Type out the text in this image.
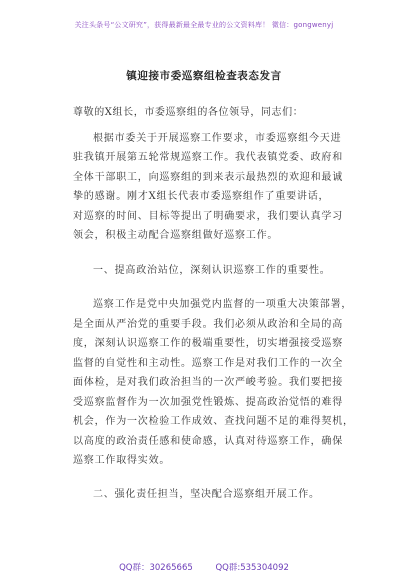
关注头条号“公文研究”，获得最新最全最专业的公文资料库！ 微信：gongwenyj
镇迎接市委巡察组检查表态发言
尊敬的X组长，市委巡察组的各位领导，同志们：
根据市委关于开展巡察工作要求，市委巡察组今天进
驻我镇开展第五轮常规巡察工作。我代表镇党委、政府和
全体干部职工，向巡察组的到来表示最热烈的欢迎和最诚
挚的感谢。刚才X组长代表市委巡察组作了重要讲话，
对巡察的时间、目标等提出了明确要求，我们要认真学习
领会，积极主动配合巡察组做好巡察工作。
一、提高政治站位，深刻认识巡察工作的重要性。
巡察工作是党中央加强党内监督的一项重大决策部署，
是全面从严治党的重要手段。我们必须从政治和全局的高
度，深刻认识巡察工作的极端重要性，切实增强接受巡察
监督的自觉性和主动性。巡察工作是对我们工作的一次全
面体检，是对我们政治担当的一次严峻考验。我们要把接
受巡察监督作为一次加强党性锻炼、提高政治觉悟的难得
机会，作为一次检验工作成效、查找问题不足的难得契机，
以高度的政治责任感和使命感，认真对待巡察工作，确保
巡察工作取得实效。
二、强化责任担当，坚决配合巡察组开展工作。
QQ群：30265665	QQ群:535304092
